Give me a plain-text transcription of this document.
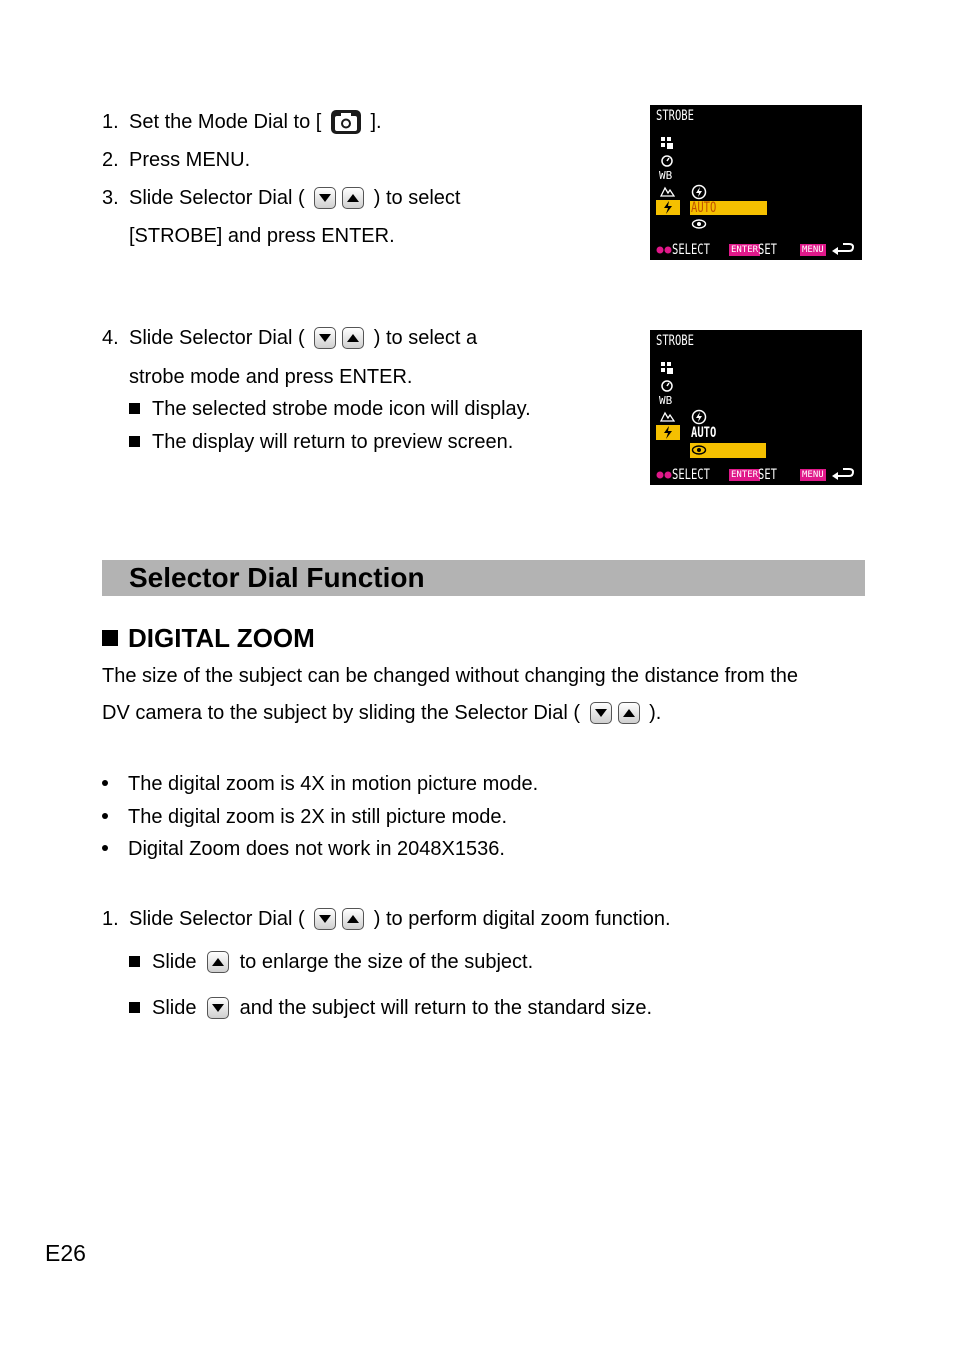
1. Set the Mode Dial to [ ].
2. Press MENU.
3. Slide Selector Dial (	) to select
[STROBE] and press ENTER.
STROBE
WB
AUTO
SELECT ENTER SET	MENU
4. Slide Selector Dial (	) to select a
strobe mode and press ENTER.
The selected strobe mode icon will display.
The display will return to preview screen.
STROBE
WB
AUTO
SELECT ENTER SET	MENU
Selector Dial Function
DIGITAL ZOOM
The size of the subject can be changed without changing the distance from the
DV camera to the subject by sliding the Selector Dial (	).
The digital zoom is 4X in motion picture mode.
The digital zoom is 2X in still picture mode.
Digital Zoom does not work in 2048X1536.
1. Slide Selector Dial (	) to perform digital zoom function.
Slide to enlarge the size of the subject.
Slide and the subject will return to the standard size.
E26
